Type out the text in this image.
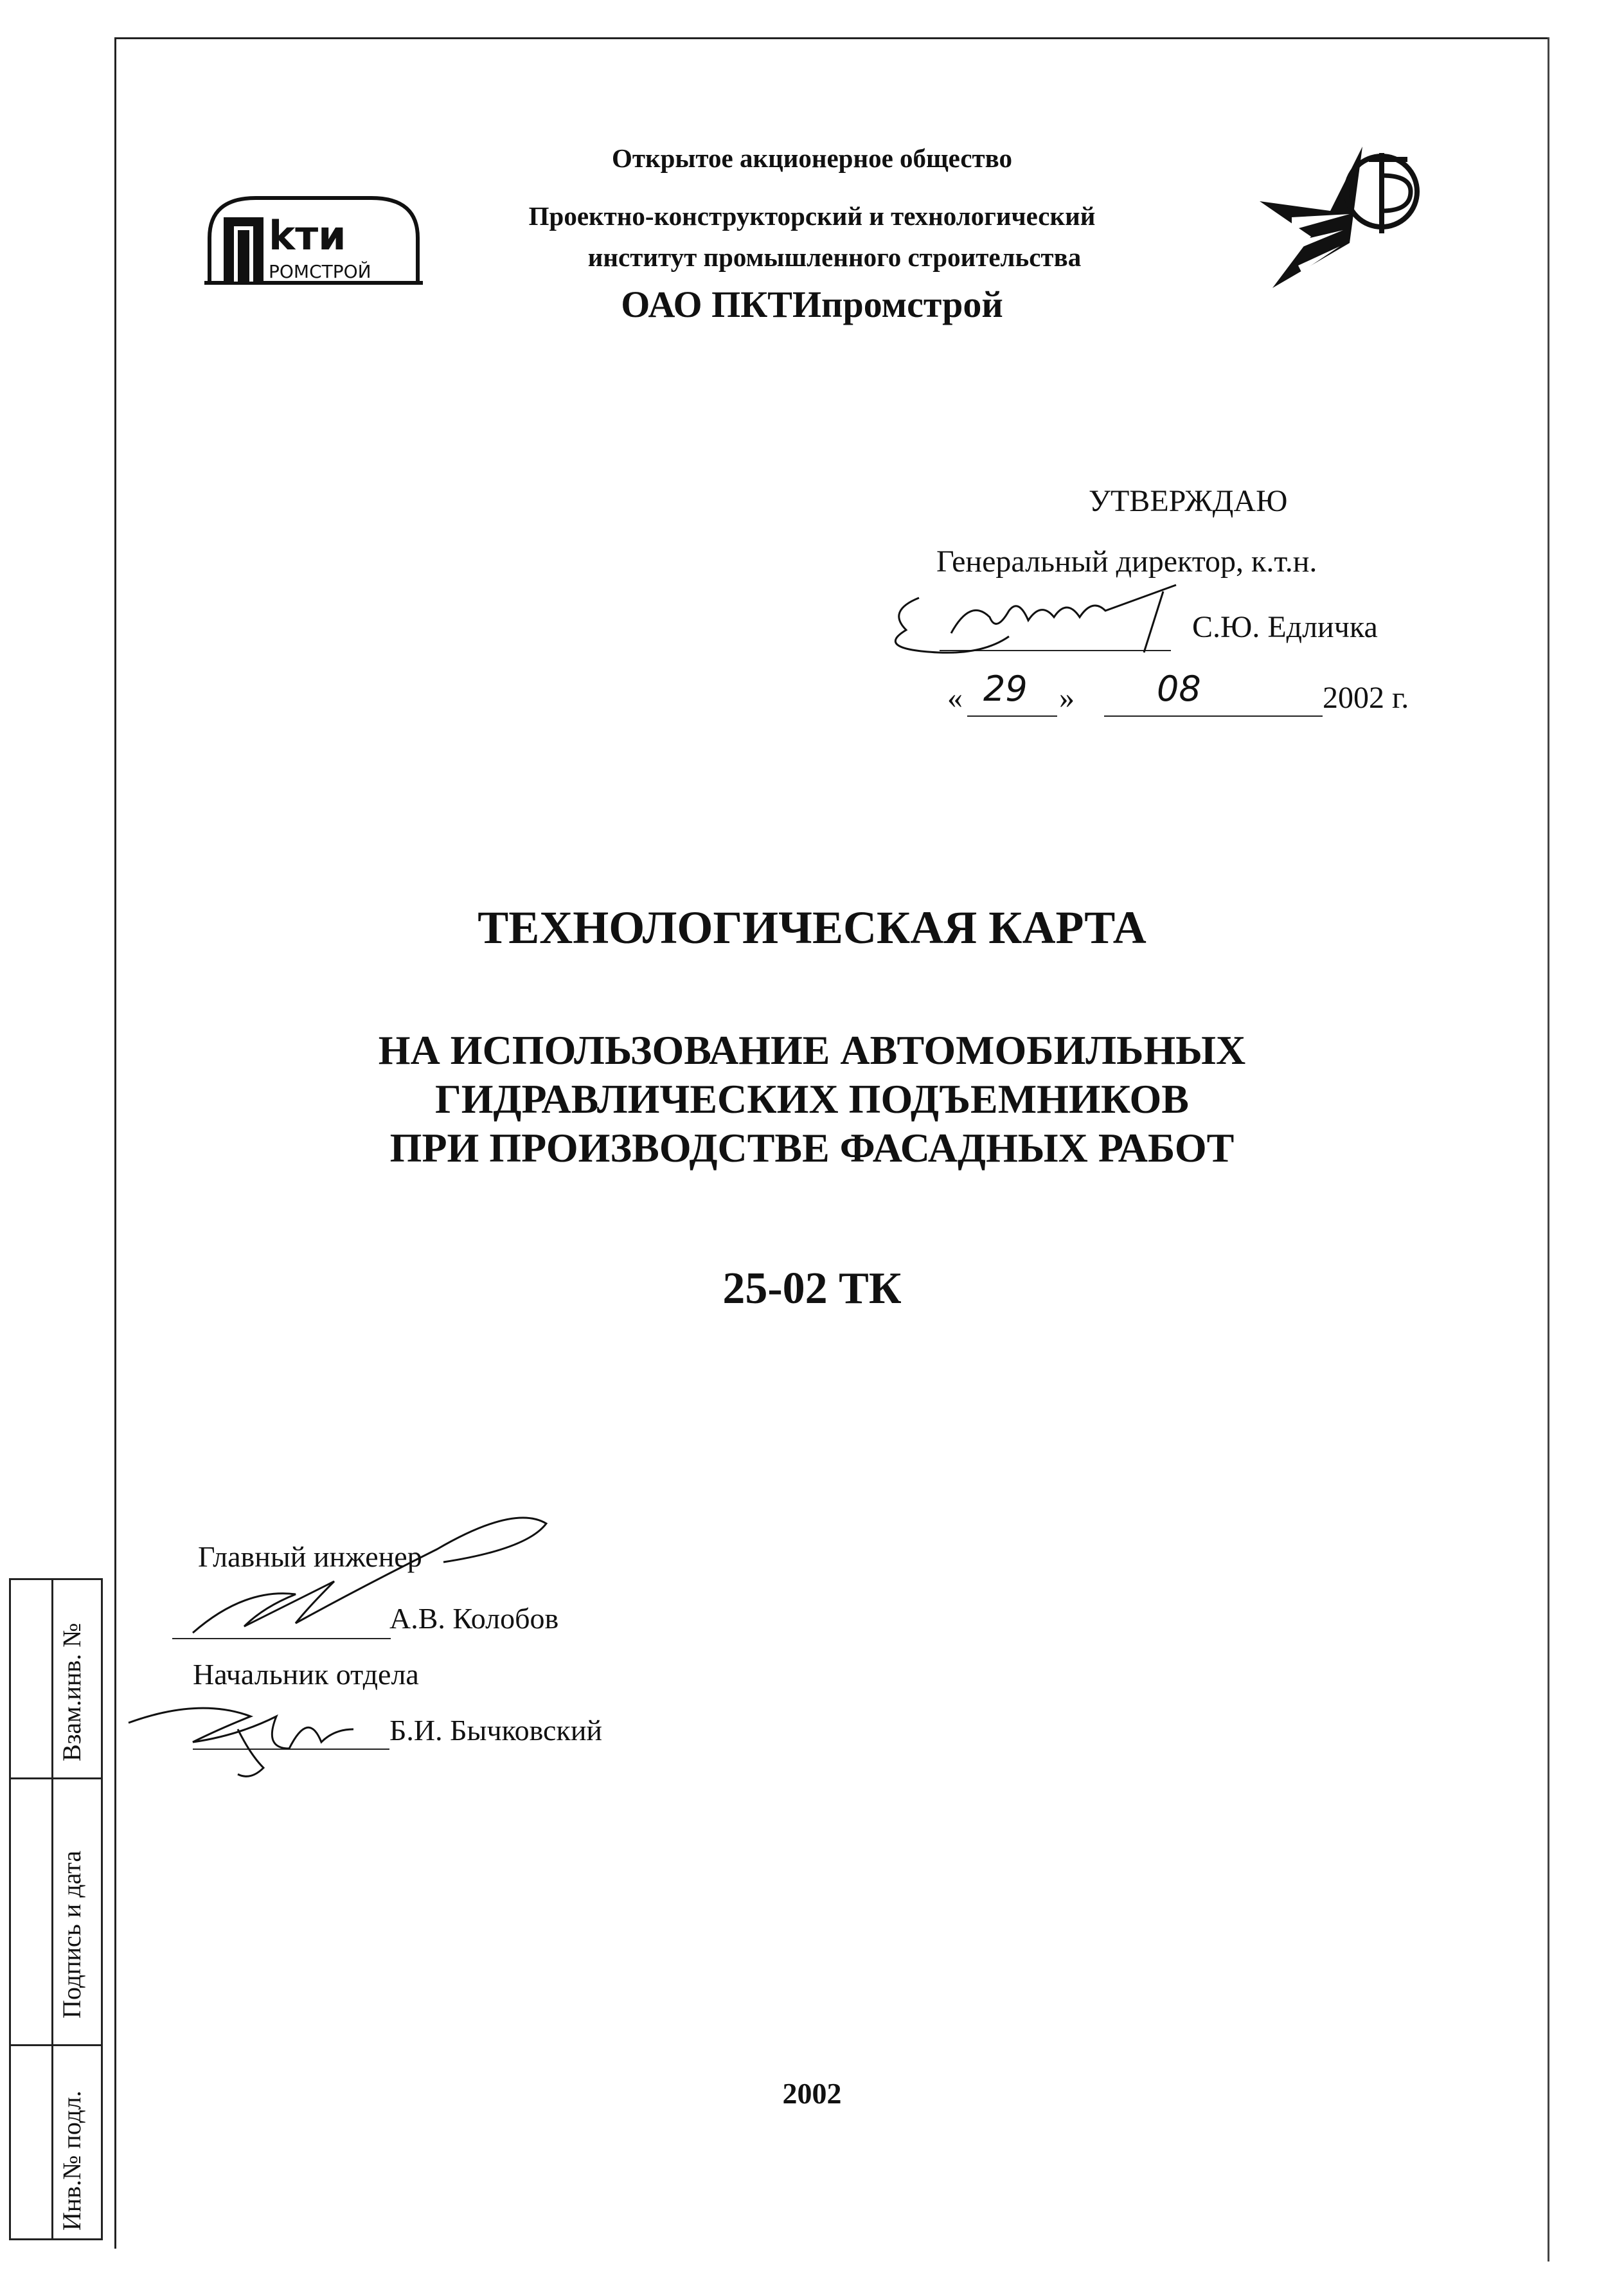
kти
РОМСТРОЙ
Открытое акционерное общество
Проектно-конструкторский и технологический
институт промышленного строительства
ОАО ПКТИпромстрой
УТВЕРЖДАЮ
Генеральный директор, к.т.н.
С.Ю. Едличка
« 29 » 08	2002 г.
ТЕХНОЛОГИЧЕСКАЯ КАРТА
НА ИСПОЛЬЗОВАНИЕ АВТОМОБИЛЬНЫХ
ГИДРАВЛИЧЕСКИХ ПОДЪЕМНИКОВ
ПРИ ПРОИЗВОДСТВЕ ФАСАДНЫХ РАБОТ
25-02 ТК
Главный инженер
А.В. Колобов
Начальник отдела
Б.И. Бычковский
2002
Взам.инв. №
Подпись и дата
Инв.№ подл.
